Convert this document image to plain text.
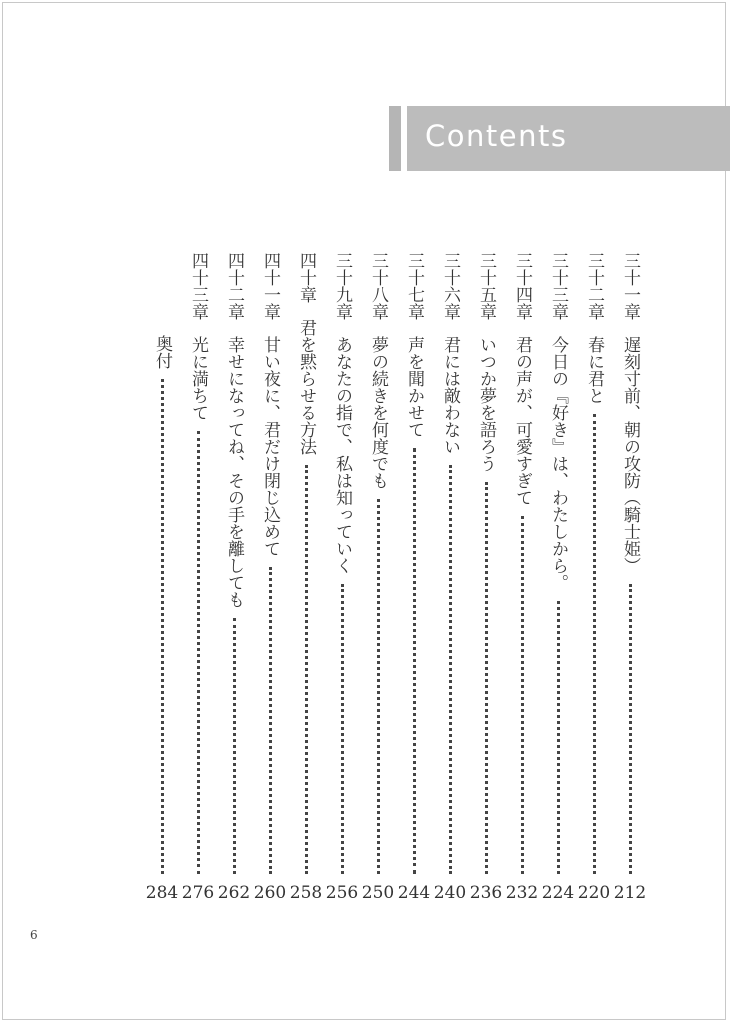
Contents
三十一章
遅刻寸前、朝の攻防（騎士姫）
212
三十二章
春に君と
220
三十三章
今日の『好き』は、わたしから。
224
三十四章
君の声が、可愛すぎて
232
三十五章
いつか夢を語ろう
236
三十六章
君には敵わない
240
三十七章
声を聞かせて
244
三十八章
夢の続きを何度でも
250
三十九章
あなたの指で、私は知っていく
256
四十章
君を黙らせる方法
258
四十一章
甘い夜に、君だけ閉じ込めて
260
四十二章
幸せになってね、その手を離しても
262
四十三章
光に満ちて
276
奥付
284
6
